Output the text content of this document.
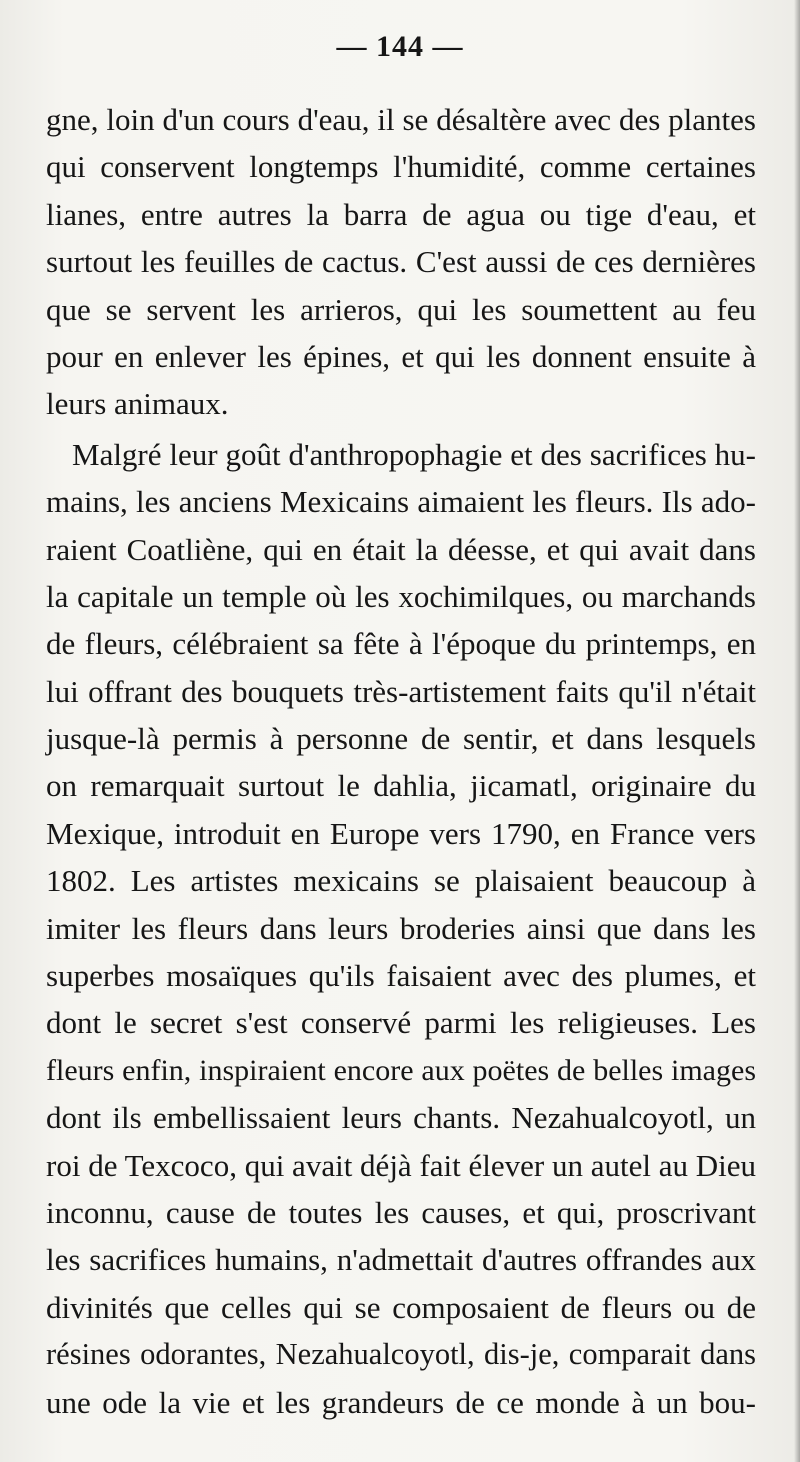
— 144 —
gne, loin d'un cours d'eau, il se désaltère avec des plantes
qui conservent longtemps l'humidité, comme certaines
lianes, entre autres la barra de agua ou tige d'eau, et
surtout les feuilles de cactus. C'est aussi de ces dernières
que se servent les arrieros, qui les soumettent au feu
pour en enlever les épines, et qui les donnent ensuite à
leurs animaux.
Malgré leur goût d'anthropophagie et des sacrifices hu-
mains, les anciens Mexicains aimaient les fleurs. Ils ado-
raient Coatliène, qui en était la déesse, et qui avait dans
la capitale un temple où les xochimilques, ou marchands
de fleurs, célébraient sa fête à l'époque du printemps, en
lui offrant des bouquets très-artistement faits qu'il n'était
jusque-là permis à personne de sentir, et dans lesquels
on remarquait surtout le dahlia, jicamatl, originaire du
Mexique, introduit en Europe vers 1790, en France vers
1802. Les artistes mexicains se plaisaient beaucoup à
imiter les fleurs dans leurs broderies ainsi que dans les
superbes mosaïques qu'ils faisaient avec des plumes, et
dont le secret s'est conservé parmi les religieuses. Les
fleurs enfin, inspiraient encore aux poëtes de belles images
dont ils embellissaient leurs chants. Nezahualcoyotl, un
roi de Texcoco, qui avait déjà fait élever un autel au Dieu
inconnu, cause de toutes les causes, et qui, proscrivant
les sacrifices humains, n'admettait d'autres offrandes aux
divinités que celles qui se composaient de fleurs ou de
résines odorantes, Nezahualcoyotl, dis-je, comparait dans
une ode la vie et les grandeurs de ce monde à un bou-
